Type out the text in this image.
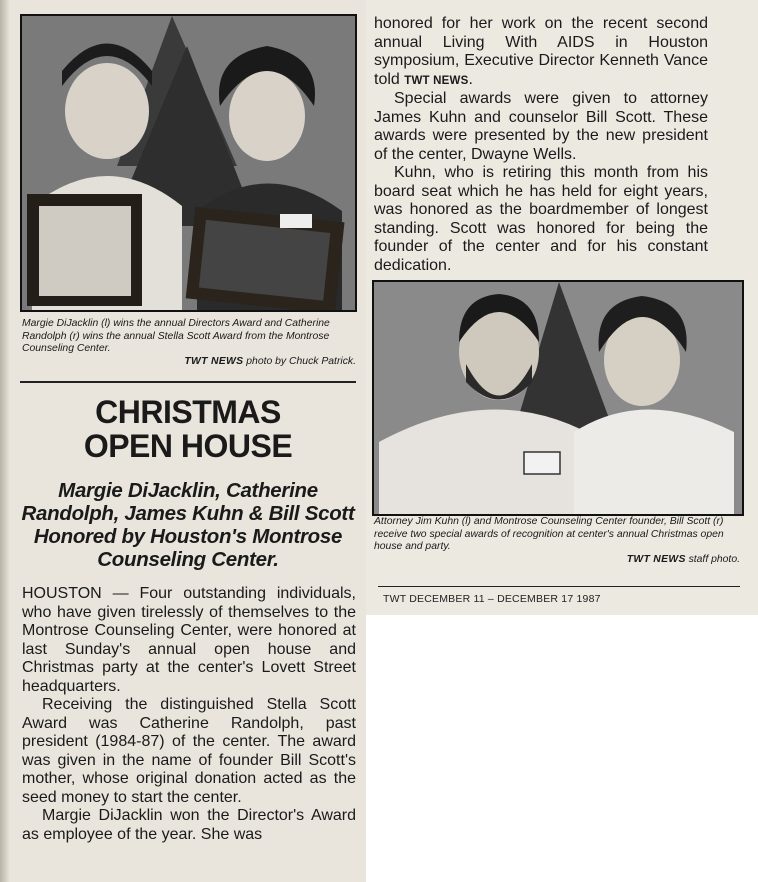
Margie DiJacklin (l) wins the annual Directors Award and Catherine Randolph (r) wins the annual Stella Scott Award from the Montrose Counseling Center.
TWT NEWS photo by Chuck Patrick.

CHRISTMAS
OPEN HOUSE
Margie DiJacklin, Catherine Randolph, James Kuhn & Bill Scott Honored by Houston's Montrose Counseling Center.

HOUSTON — Four outstanding individuals, who have given tirelessly of themselves to the Montrose Counseling Center, were honored at last Sunday's annual open house and Christmas party at the center's Lovett Street headquarters.

Receiving the distinguished Stella Scott Award was Catherine Randolph, past president (1984-87) of the center. The award was given in the name of founder Bill Scott's mother, whose original donation acted as the seed money to start the center.

Margie DiJacklin won the Director's Award as employee of the year. She was

honored for her work on the recent second annual Living With AIDS in Houston symposium, Executive Director Kenneth Vance told TWT NEWS.

Special awards were given to attorney James Kuhn and counselor Bill Scott. These awards were presented by the new president of the center, Dwayne Wells.

Kuhn, who is retiring this month from his board seat which he has held for eight years, was honored as the boardmember of longest standing. Scott was honored for being the founder of the center and for his constant dedication.

Attorney Jim Kuhn (l) and Montrose Counseling Center founder, Bill Scott (r) receive two special awards of recognition at center's annual Christmas open house and party.
TWT NEWS staff photo.

TWT DECEMBER 11 – DECEMBER 17 1987
